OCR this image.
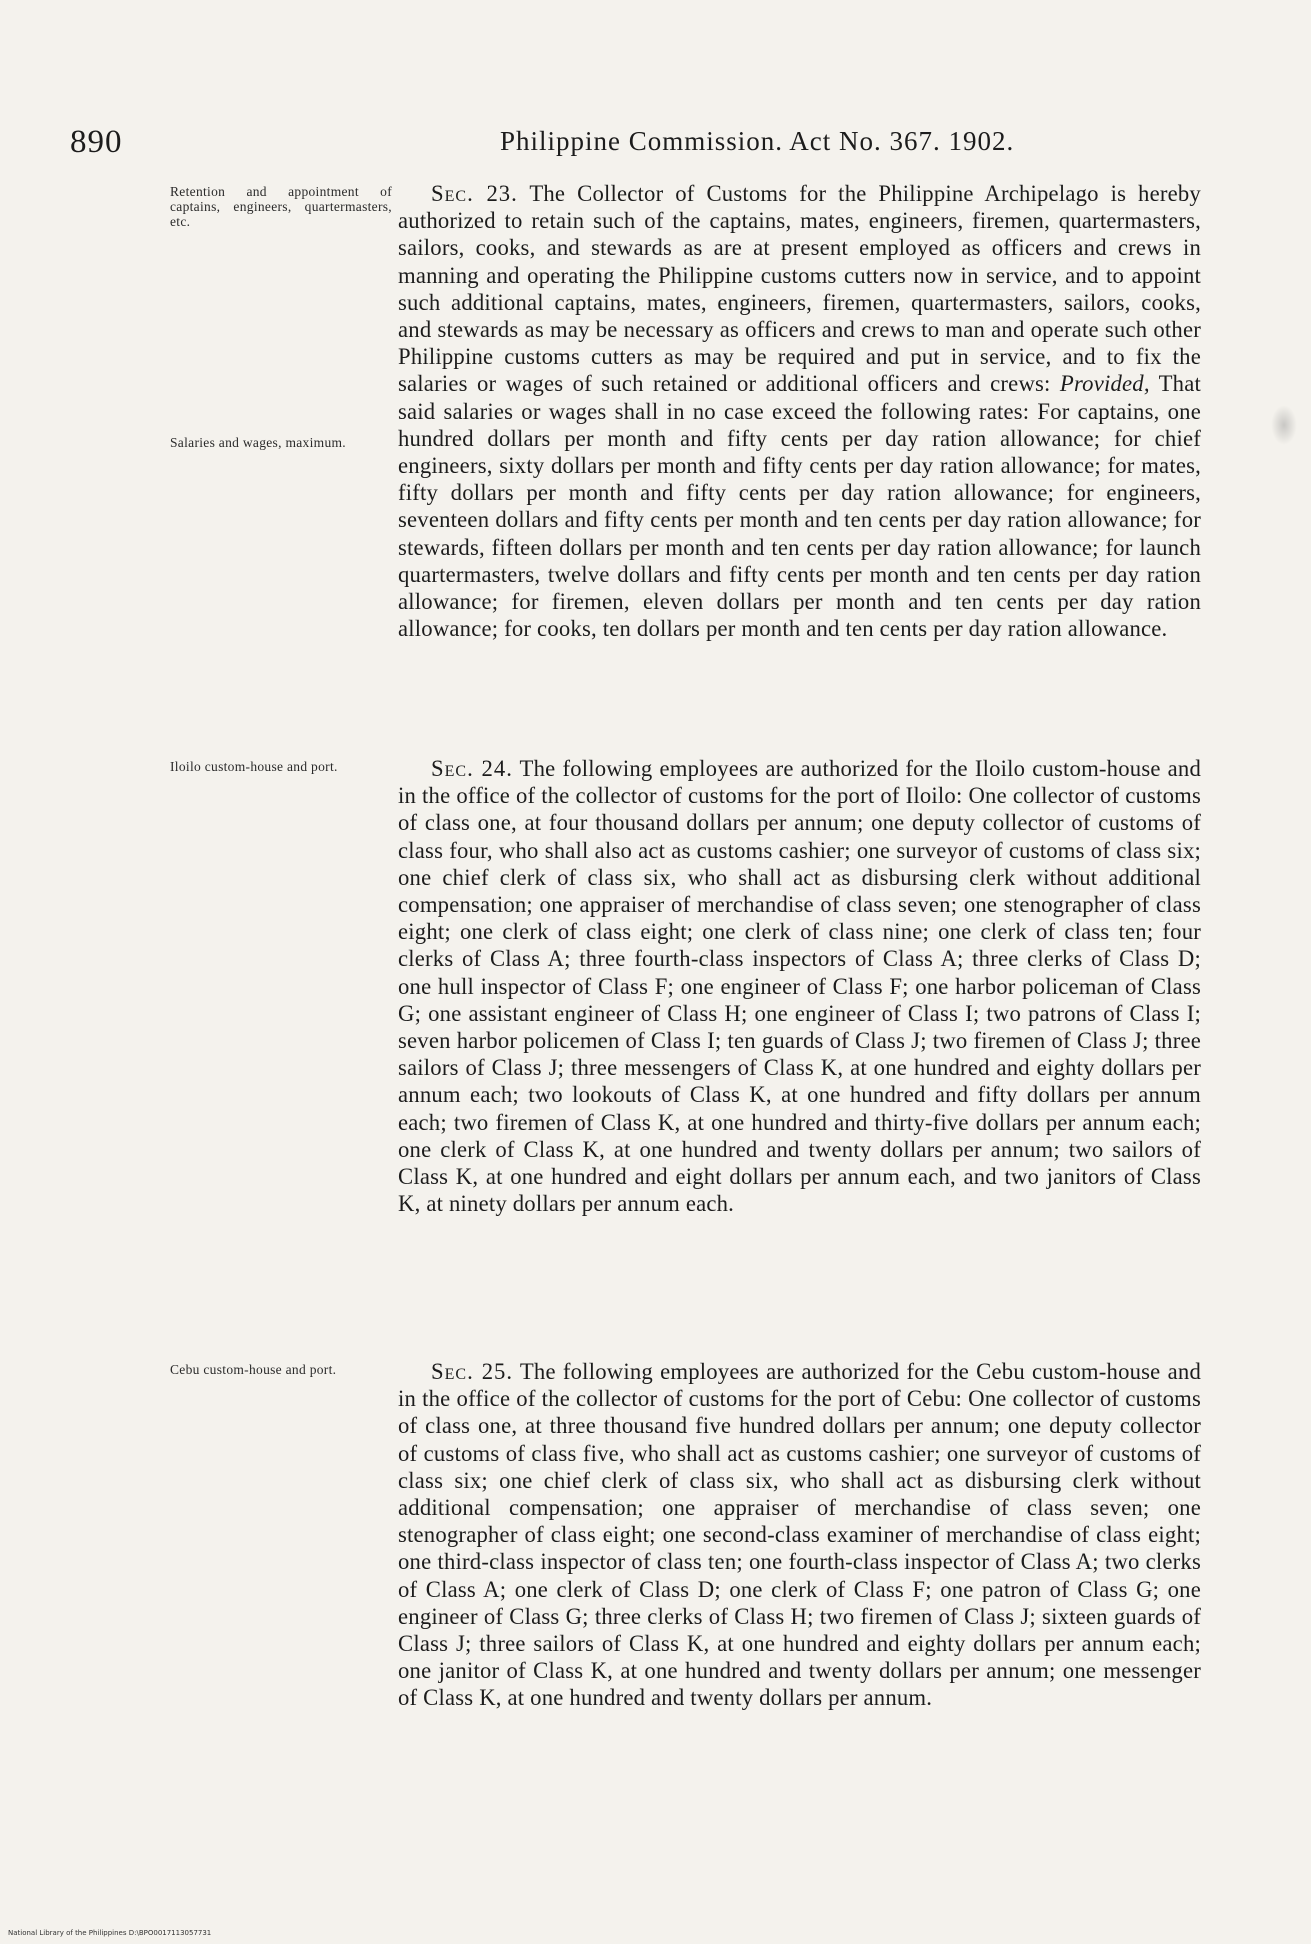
890	Philippine Commission. Act No. 367. 1902.
Retention and appointment of captains, engineers, quartermasters, etc.
Salaries and wages, maximum.

Sec. 23. The Collector of Customs for the Philippine Archipelago is hereby authorized to retain such of the captains, mates, engineers, firemen, quartermasters, sailors, cooks, and stewards as are at present employed as officers and crews in manning and operating the Philippine customs cutters now in service, and to appoint such additional captains, mates, engineers, firemen, quartermasters, sailors, cooks, and stewards as may be necessary as officers and crews to man and operate such other Philippine customs cutters as may be required and put in service, and to fix the salaries or wages of such retained or additional officers and crews: Provided, That said salaries or wages shall in no case exceed the following rates: For captains, one hundred dollars per month and fifty cents per day ration allowance; for chief engineers, sixty dollars per month and fifty cents per day ration allowance; for mates, fifty dollars per month and fifty cents per day ration allowance; for engineers, seventeen dollars and fifty cents per month and ten cents per day ration allowance; for stewards, fifteen dollars per month and ten cents per day ration allowance; for launch quartermasters, twelve dollars and fifty cents per month and ten cents per day ration allowance; for firemen, eleven dollars per month and ten cents per day ration allowance; for cooks, ten dollars per month and ten cents per day ration allowance.

Iloilo custom-house and port.	Sec. 24. The following employees are authorized for the Iloilo custom-house and in the office of the collector of customs for the port of Iloilo: One collector of customs of class one, at four thousand dollars per annum; one deputy collector of customs of class four, who shall also act as customs cashier; one surveyor of customs of class six; one chief clerk of class six, who shall act as disbursing clerk without additional compensation; one appraiser of merchandise of class seven; one stenographer of class eight; one clerk of class eight; one clerk of class nine; one clerk of class ten; four clerks of Class A; three fourth-class inspectors of Class A; three clerks of Class D; one hull inspector of Class F; one engineer of Class F; one harbor policeman of Class G; one assistant engineer of Class H; one engineer of Class I; two patrons of Class I; seven harbor policemen of Class I; ten guards of Class J; two firemen of Class J; three sailors of Class J; three messengers of Class K, at one hundred and eighty dollars per annum each; two lookouts of Class K, at one hundred and fifty dollars per annum each; two firemen of Class K, at one hundred and thirty-five dollars per annum each; one clerk of Class K, at one hundred and twenty dollars per annum; two sailors of Class K, at one hundred and eight dollars per annum each, and two janitors of Class K, at ninety dollars per annum each.

Cebu custom-house and port.	Sec. 25. The following employees are authorized for the Cebu custom-house and in the office of the collector of customs for the port of Cebu: One collector of customs of class one, at three thousand five hundred dollars per annum; one deputy collector of customs of class five, who shall act as customs cashier; one surveyor of customs of class six; one chief clerk of class six, who shall act as disbursing clerk without additional compensation; one appraiser of merchandise of class seven; one stenographer of class eight; one second-class examiner of merchandise of class eight; one third-class inspector of class ten; one fourth-class inspector of Class A; two clerks of Class A; one clerk of Class D; one clerk of Class F; one patron of Class G; one engineer of Class G; three clerks of Class H; two firemen of Class J; sixteen guards of Class J; three sailors of Class K, at one hundred and eighty dollars per annum each; one janitor of Class K, at one hundred and twenty dollars per annum; one messenger of Class K, at one hundred and twenty dollars per annum.

National Library of the Philippines D:\BPO0017113057731
